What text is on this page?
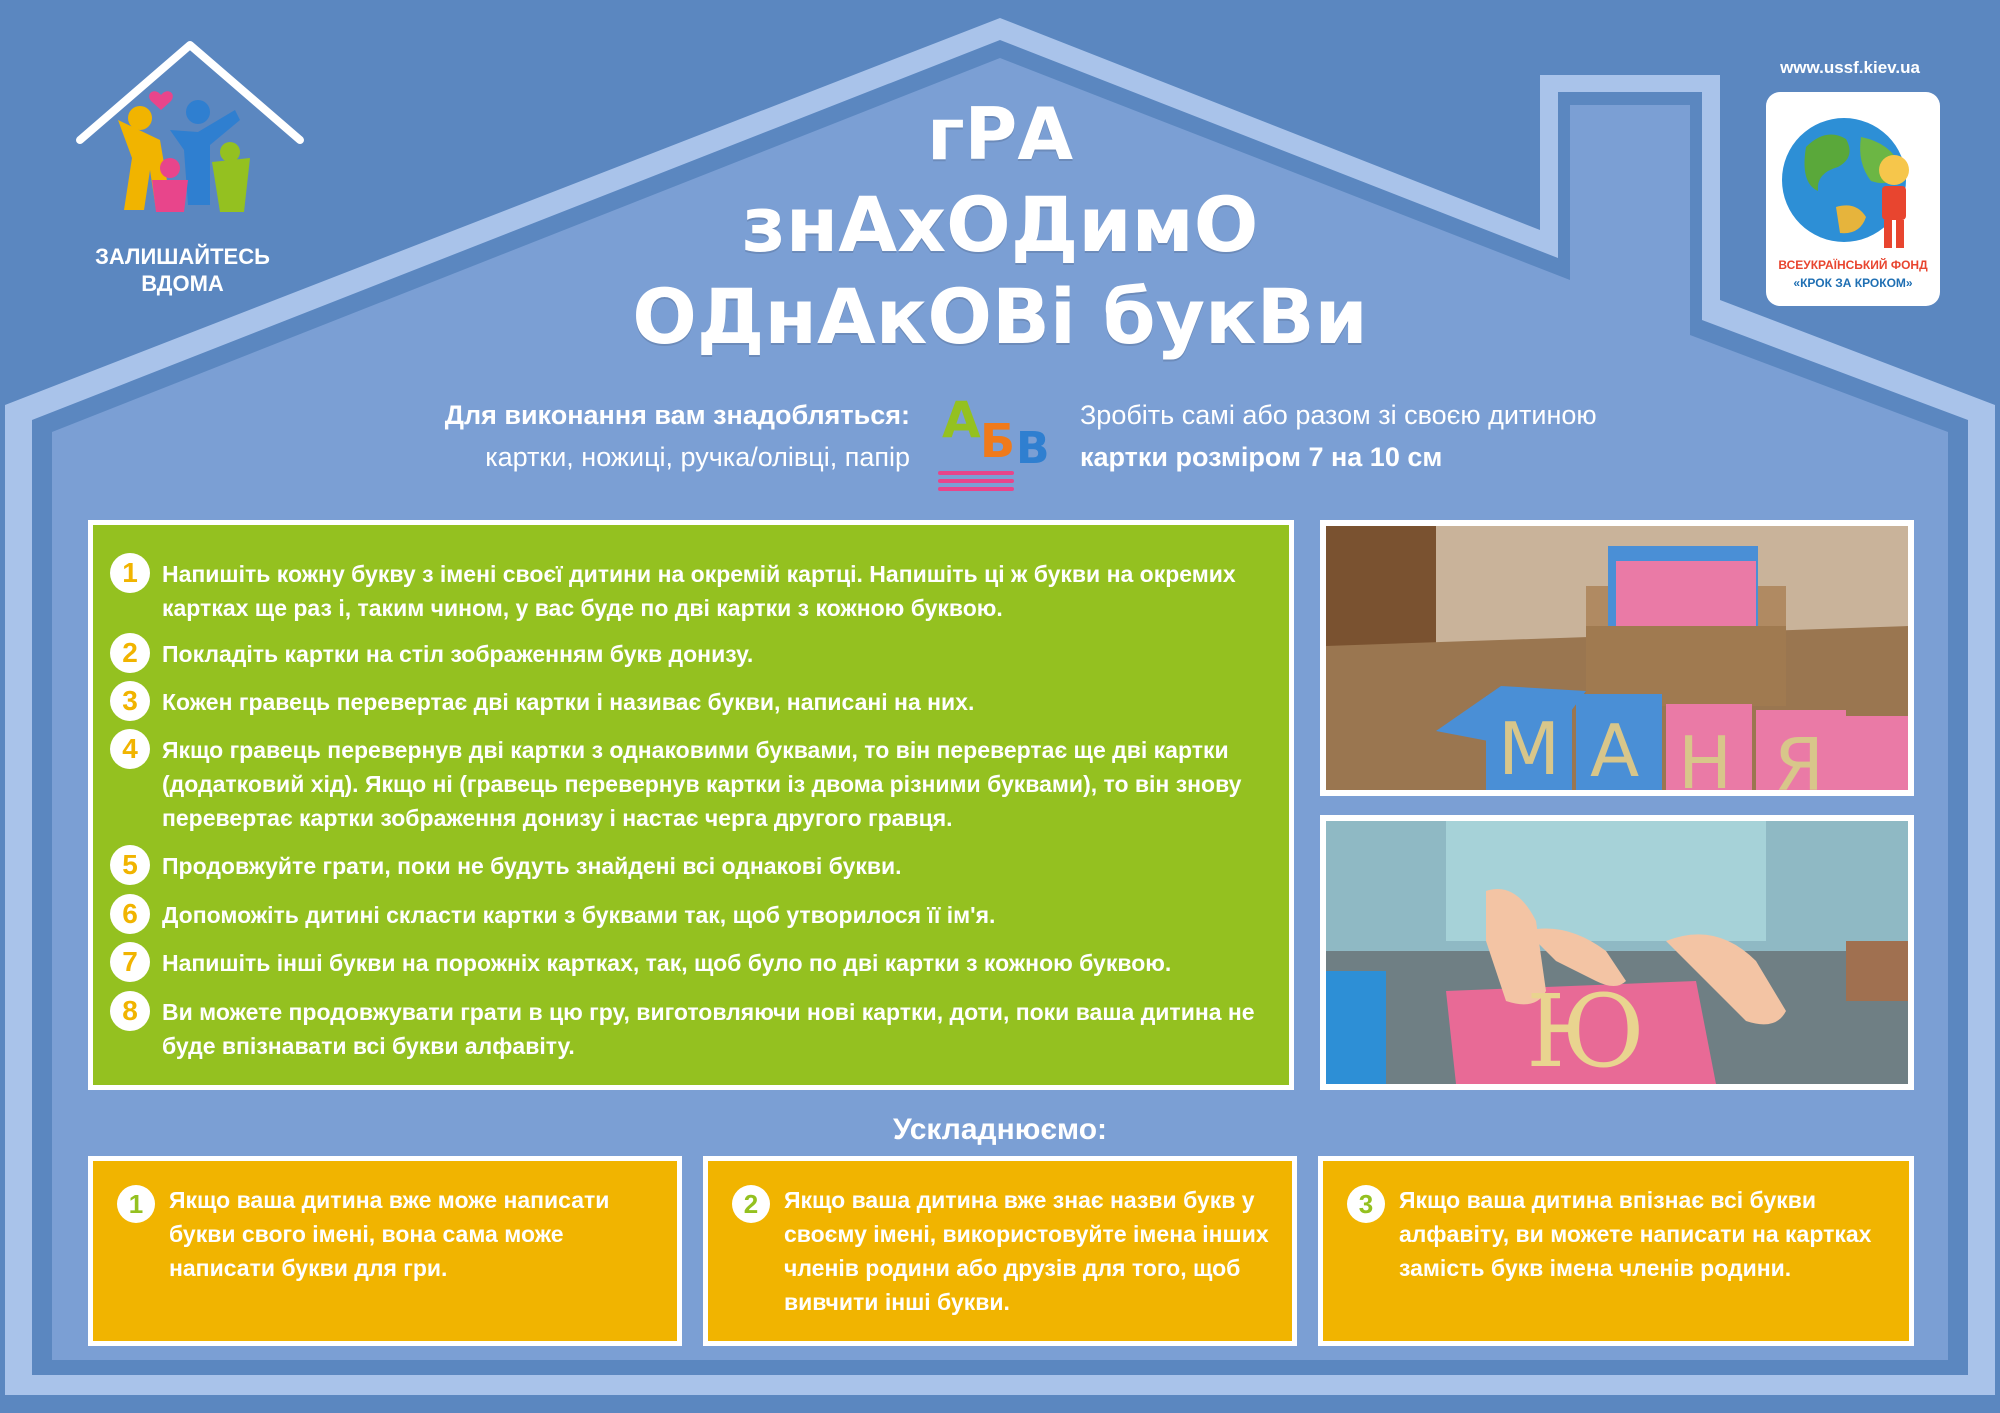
ЗАЛИШАЙТЕСЬ
ВДОМА
www.ussf.kiev.ua
ВСЕУКРАЇНСЬКИЙ ФОНД
«КРОК ЗА КРОКОМ»
гРА
знАхОДимО
ОДнАкОВі букВи
Для виконання вам знадобляться:
картки, ножиці, ручка/олівці, папір
А Б В
Зробіть самі або разом зі своєю дитиною
картки розміром 7 на 10 см
1	Напишіть кожну букву з імені своєї дитини на окремій картці. Напишіть ці ж букви на окремих картках ще раз і, таким чином, у вас буде по дві картки з кожною буквою.
2	Покладіть картки на стіл зображенням букв донизу.
3	Кожен гравець перевертає дві картки і називає букви, написані на них.
4	Якщо гравець перевернув дві картки з однаковими буквами, то він перевертає ще дві картки (додатковий хід). Якщо ні (гравець перевернув картки із двома різними буквами), то він знову перевертає картки зображення донизу і настає черга другого гравця.
5	Продовжуйте грати, поки не будуть знайдені всі однакові букви.
6	Допоможіть дитині скласти картки з буквами так, щоб утворилося її ім'я.
7	Напишіть інші букви на порожніх картках, так, щоб було по дві картки з кожною буквою.
8	Ви можете продовжувати грати в цю гру, виготовляючи нові картки, доти, поки ваша дитина не буде впізнавати всі букви алфавіту.
М А Н Я
Ю
Ускладнюємо:
1	Якщо ваша дитина вже може написати букви свого імені, вона сама може написати букви для гри.
2	Якщо ваша дитина вже знає назви букв у своєму імені, використовуйте імена інших членів родини або друзів для того, щоб вивчити інші букви.
3	Якщо ваша дитина впізнає всі букви алфавіту, ви можете написати на картках замість букв імена членів родини.
